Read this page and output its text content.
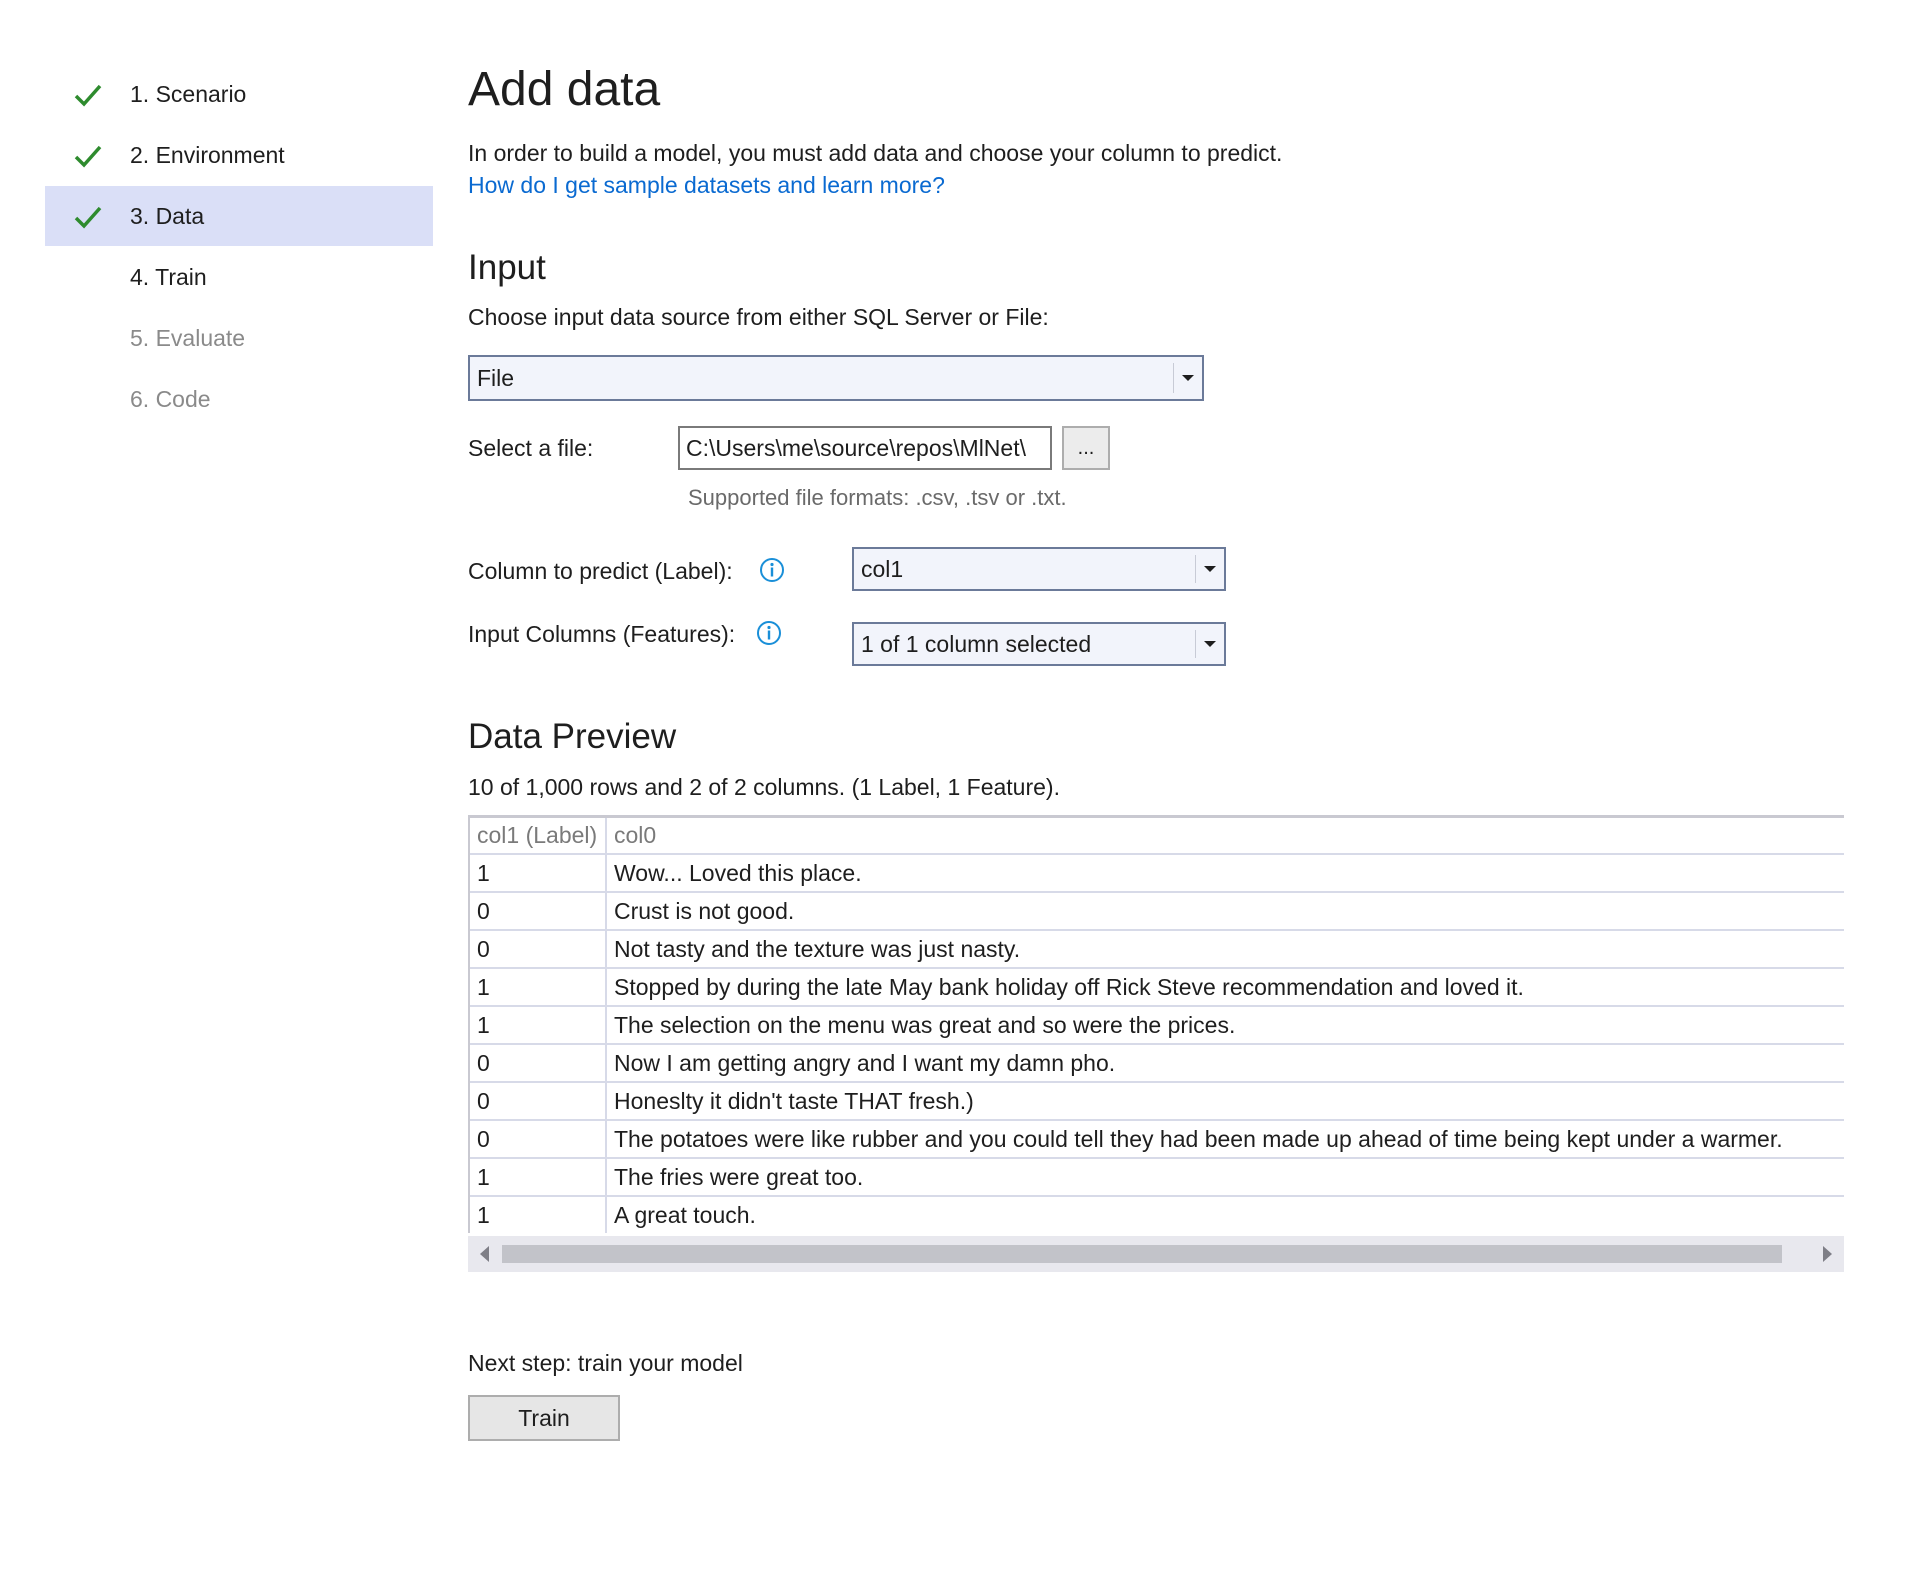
1. Scenario
2. Environment
3. Data
4. Train
5. Evaluate
6. Code
Add data
In order to build a model, you must add data and choose your column to predict.
How do I get sample datasets and learn more?
Input
Choose input data source from either SQL Server or File:
File
Select a file:	C:\Users\me\source\repos\MlNet\	...
Supported file formats: .csv, .tsv or .txt.
Column to predict (Label):	col1
Input Columns (Features):	1 of 1 column selected
Data Preview
10 of 1,000 rows and 2 of 2 columns. (1 Label, 1 Feature).
col1 (Label)	col0
1	Wow... Loved this place.
0	Crust is not good.
0	Not tasty and the texture was just nasty.
1	Stopped by during the late May bank holiday off Rick Steve recommendation and loved it.
1	The selection on the menu was great and so were the prices.
0	Now I am getting angry and I want my damn pho.
0	Honeslty it didn't taste THAT fresh.)
0	The potatoes were like rubber and you could tell they had been made up ahead of time being kept under a warmer.
1	The fries were great too.
1	A great touch.
Next step: train your model
Train
